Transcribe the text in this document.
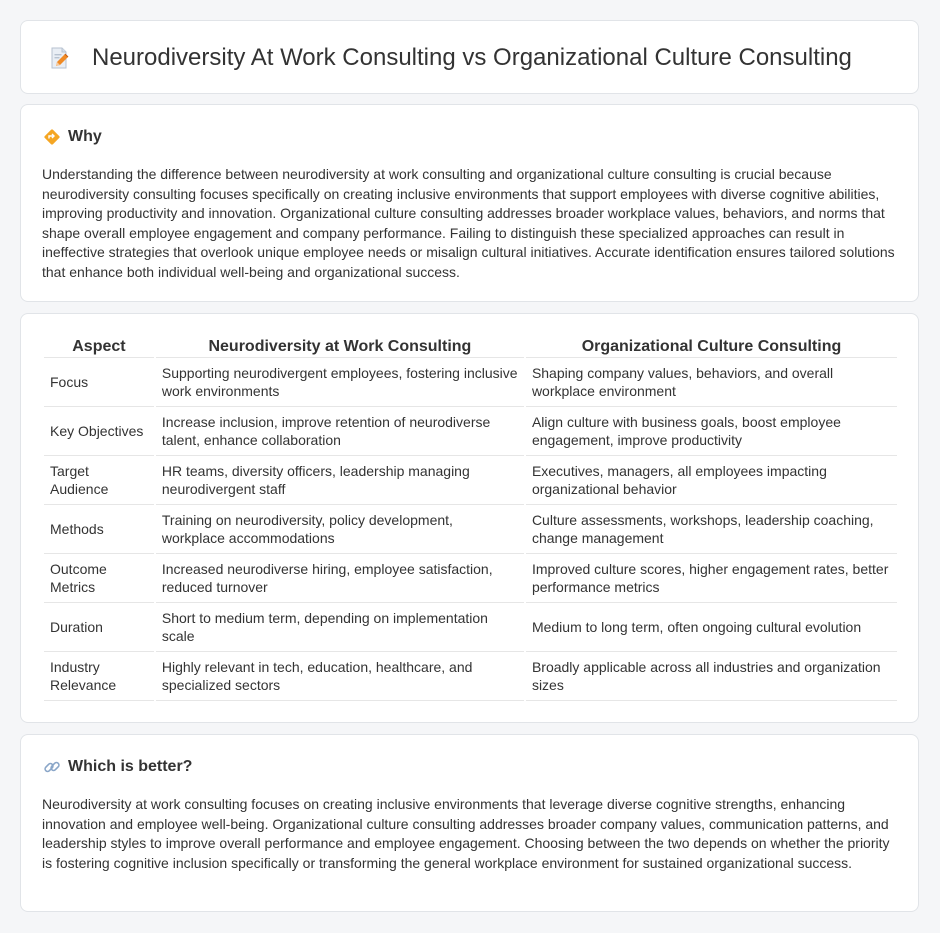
Neurodiversity At Work Consulting vs Organizational Culture Consulting
Why

Understanding the difference between neurodiversity at work consulting and organizational culture consulting is crucial because neurodiversity consulting focuses specifically on creating inclusive environments that support employees with diverse cognitive abilities, improving productivity and innovation. Organizational culture consulting addresses broader workplace values, behaviors, and norms that shape overall employee engagement and company performance. Failing to distinguish these specialized approaches can result in ineffective strategies that overlook unique employee needs or misalign cultural initiatives. Accurate identification ensures tailored solutions that enhance both individual well-being and organizational success.

Aspect	Neurodiversity at Work Consulting	Organizational Culture Consulting
Focus	Supporting neurodivergent employees, fostering inclusive work environments	Shaping company values, behaviors, and overall workplace environment
Key Objectives	Increase inclusion, improve retention of neurodiverse talent, enhance collaboration	Align culture with business goals, boost employee engagement, improve productivity
Target Audience	HR teams, diversity officers, leadership managing neurodivergent staff	Executives, managers, all employees impacting organizational behavior
Methods	Training on neurodiversity, policy development, workplace accommodations	Culture assessments, workshops, leadership coaching, change management
Outcome Metrics	Increased neurodiverse hiring, employee satisfaction, reduced turnover	Improved culture scores, higher engagement rates, better performance metrics
Duration	Short to medium term, depending on implementation scale	Medium to long term, often ongoing cultural evolution
Industry Relevance	Highly relevant in tech, education, healthcare, and specialized sectors	Broadly applicable across all industries and organization sizes
Which is better?

Neurodiversity at work consulting focuses on creating inclusive environments that leverage diverse cognitive strengths, enhancing innovation and employee well-being. Organizational culture consulting addresses broader company values, communication patterns, and leadership styles to improve overall performance and employee engagement. Choosing between the two depends on whether the priority is fostering cognitive inclusion specifically or transforming the general workplace environment for sustained organizational success.
